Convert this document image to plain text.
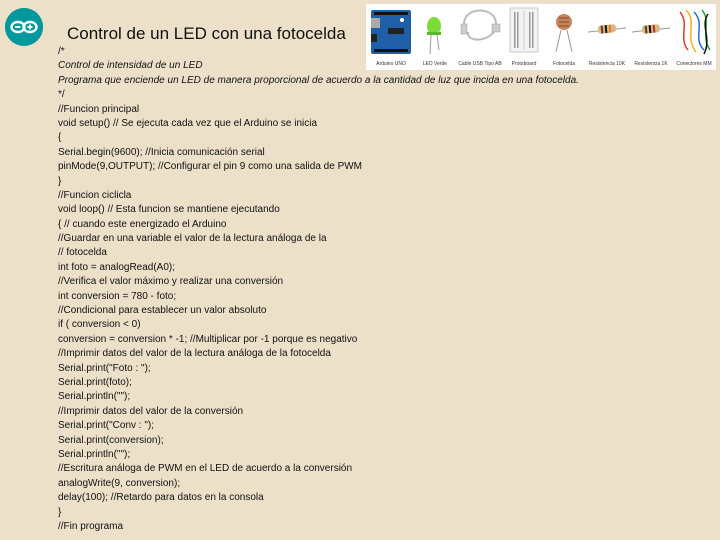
Control de un LED con una fotocelda
Arduino UNO	LED Verde	Cable USB Tipo AB	Protoboard	Fotocelda	Resistencia 10K	Resistencia 1K	Conectores MM
/*
Control de intensidad de un LED
Programa que enciende un LED de manera proporcional de acuerdo a la cantidad de luz que incida en una fotocelda.
*/
//Funcion principal
void setup() // Se ejecuta cada vez que el Arduino se inicia
{
Serial.begin(9600); //Inicia comunicación serial
pinMode(9,OUTPUT); //Configurar el pin 9 como una salida de PWM
}
//Funcion ciclicla
void loop() // Esta funcion se mantiene ejecutando
{ // cuando este energizado el Arduino
//Guardar en una variable el valor de la lectura análoga de la
// fotocelda
int foto = analogRead(A0);
//Verifica el valor máximo y realizar una conversión
int conversion = 780 - foto;
//Condicional para establecer un valor absoluto
if ( conversion < 0)
conversion = conversion * -1; //Multiplicar por -1 porque es negativo
//Imprimir datos del valor de la lectura análoga de la fotocelda
Serial.print("Foto : ");
Serial.print(foto);
Serial.println("");
//Imprimir datos del valor de la conversión
Serial.print("Conv : ");
Serial.print(conversion);
Serial.println("");
//Escritura análoga de PWM en el LED de acuerdo a la conversión
analogWrite(9, conversion);
delay(100); //Retardo para datos en la consola
}
//Fin programa
